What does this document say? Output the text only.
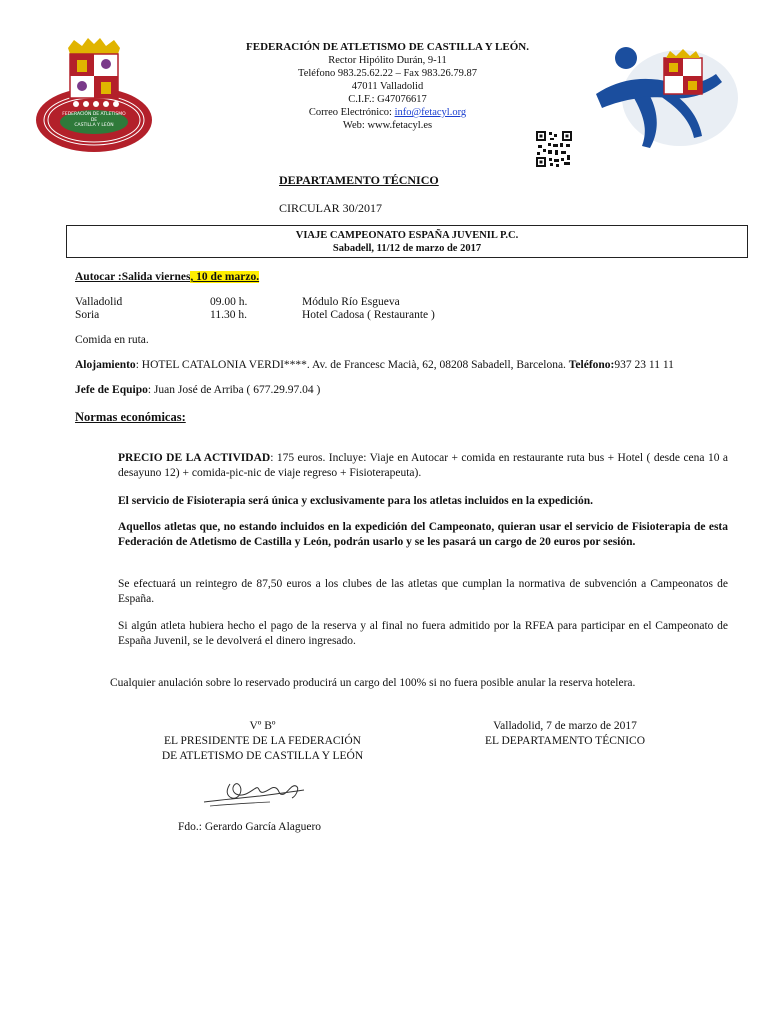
FEDERACIÓN DE ATLETISMO
DE
CASTILLA Y LEÓN
FEDERACIÓN DE ATLETISMO DE CASTILLA Y LEÓN.
Rector Hipólito Durán, 9-11
Teléfono 983.25.62.22 – Fax 983.26.79.87
47011 Valladolid
C.I.F.: G47076617
Correo Electrónico: info@fetacyl.org
Web: www.fetacyl.es
DEPARTAMENTO TÉCNICO
CIRCULAR 30/2017
VIAJE CAMPEONATO ESPAÑA JUVENIL P.C.
Sabadell, 11/12 de marzo de 2017
Autocar :Salida viernes, 10 de marzo.
Valladolid	09.00 h.	Módulo Río Esgueva
Soria	11.30 h.	Hotel Cadosa ( Restaurante )
Comida en ruta.
Alojamiento: HOTEL CATALONIA VERDI****. Av. de Francesc Macià, 62, 08208 Sabadell, Barcelona. Teléfono:937 23 11 11
Jefe de Equipo: Juan José de Arriba ( 677.29.97.04 )
Normas económicas:
PRECIO DE LA ACTIVIDAD: 175 euros. Incluye: Viaje en Autocar + comida en restaurante ruta bus + Hotel ( desde cena 10 a desayuno 12) + comida-pic-nic de viaje regreso + Fisioterapeuta).
El servicio de Fisioterapia será única y exclusivamente para los atletas incluidos en la expedición.
Aquellos atletas que, no estando incluidos en la expedición del Campeonato, quieran usar el servicio de Fisioterapia de esta Federación de Atletismo de Castilla y León, podrán usarlo y se les pasará un cargo de 20 euros por sesión.
Se efectuará un reintegro de 87,50 euros a los clubes de las atletas que cumplan la normativa de subvención a Campeonatos de España.
Si algún atleta hubiera hecho el pago de la reserva y al final no fuera admitido por la RFEA para participar en el Campeonato de España Juvenil, se le devolverá el dinero ingresado.
Cualquier anulación sobre lo reservado producirá un cargo del 100% si no fuera posible anular la reserva hotelera.
Vº Bº
EL PRESIDENTE DE LA FEDERACIÓN
DE ATLETISMO DE CASTILLA Y LEÓN
Valladolid, 7 de marzo de 2017
EL DEPARTAMENTO TÉCNICO
Fdo.: Gerardo García Alaguero
